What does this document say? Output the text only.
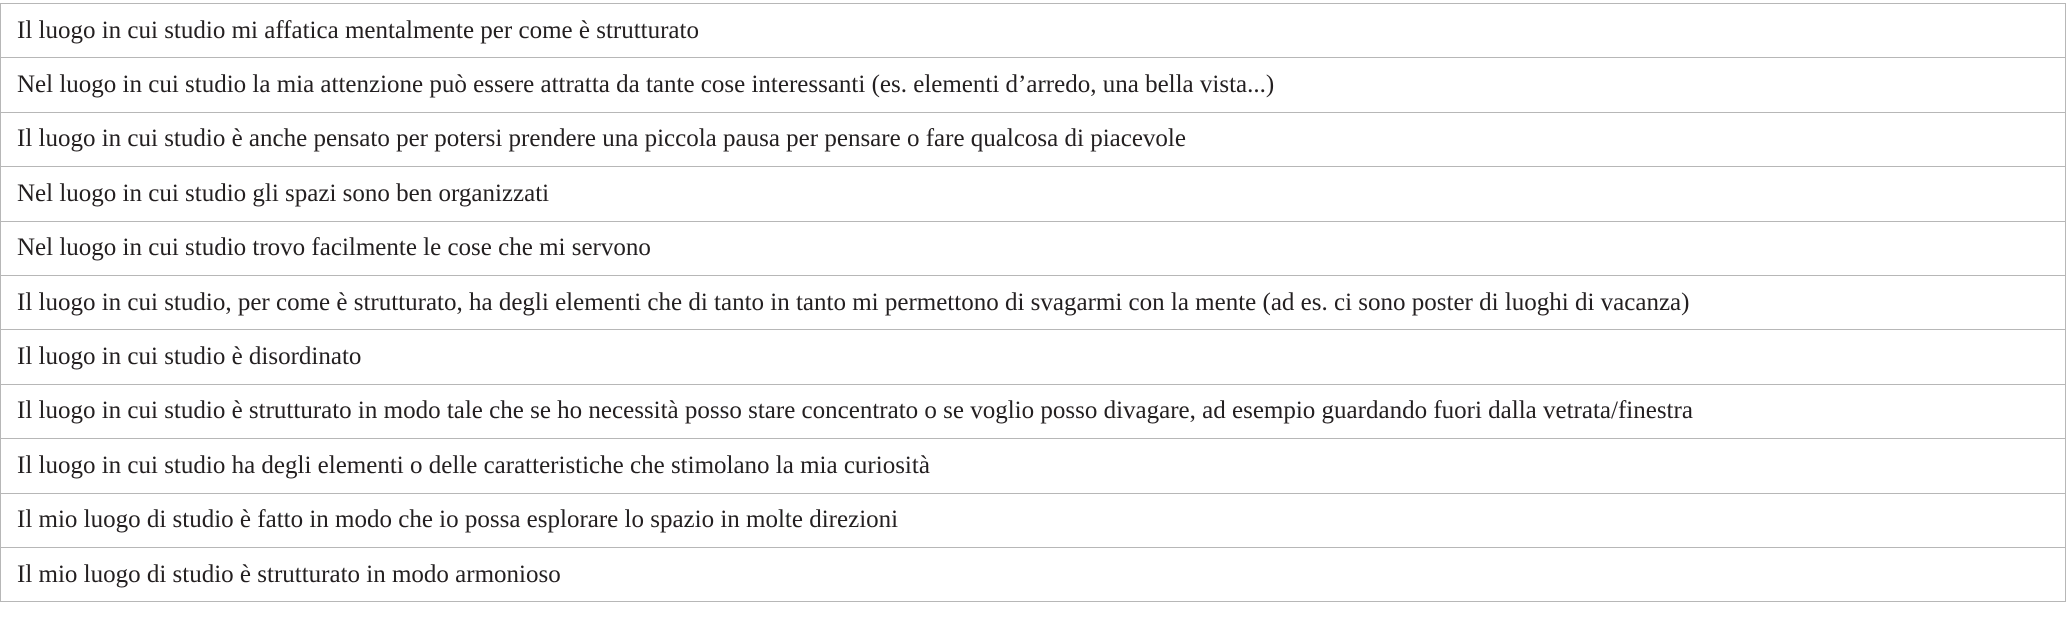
Il luogo in cui studio mi affatica mentalmente per come è strutturato
Nel luogo in cui studio la mia attenzione può essere attratta da tante cose interessanti (es. elementi d’arredo, una bella vista...)
Il luogo in cui studio è anche pensato per potersi prendere una piccola pausa per pensare o fare qualcosa di piacevole
Nel luogo in cui studio gli spazi sono ben organizzati
Nel luogo in cui studio trovo facilmente le cose che mi servono
Il luogo in cui studio, per come è strutturato, ha degli elementi che di tanto in tanto mi permettono di svagarmi con la mente (ad es. ci sono poster di luoghi di vacanza)
Il luogo in cui studio è disordinato
Il luogo in cui studio è strutturato in modo tale che se ho necessità posso stare concentrato o se voglio posso divagare, ad esempio guardando fuori dalla vetrata/finestra
Il luogo in cui studio ha degli elementi o delle caratteristiche che stimolano la mia curiosità
Il mio luogo di studio è fatto in modo che io possa esplorare lo spazio in molte direzioni
Il mio luogo di studio è strutturato in modo armonioso
